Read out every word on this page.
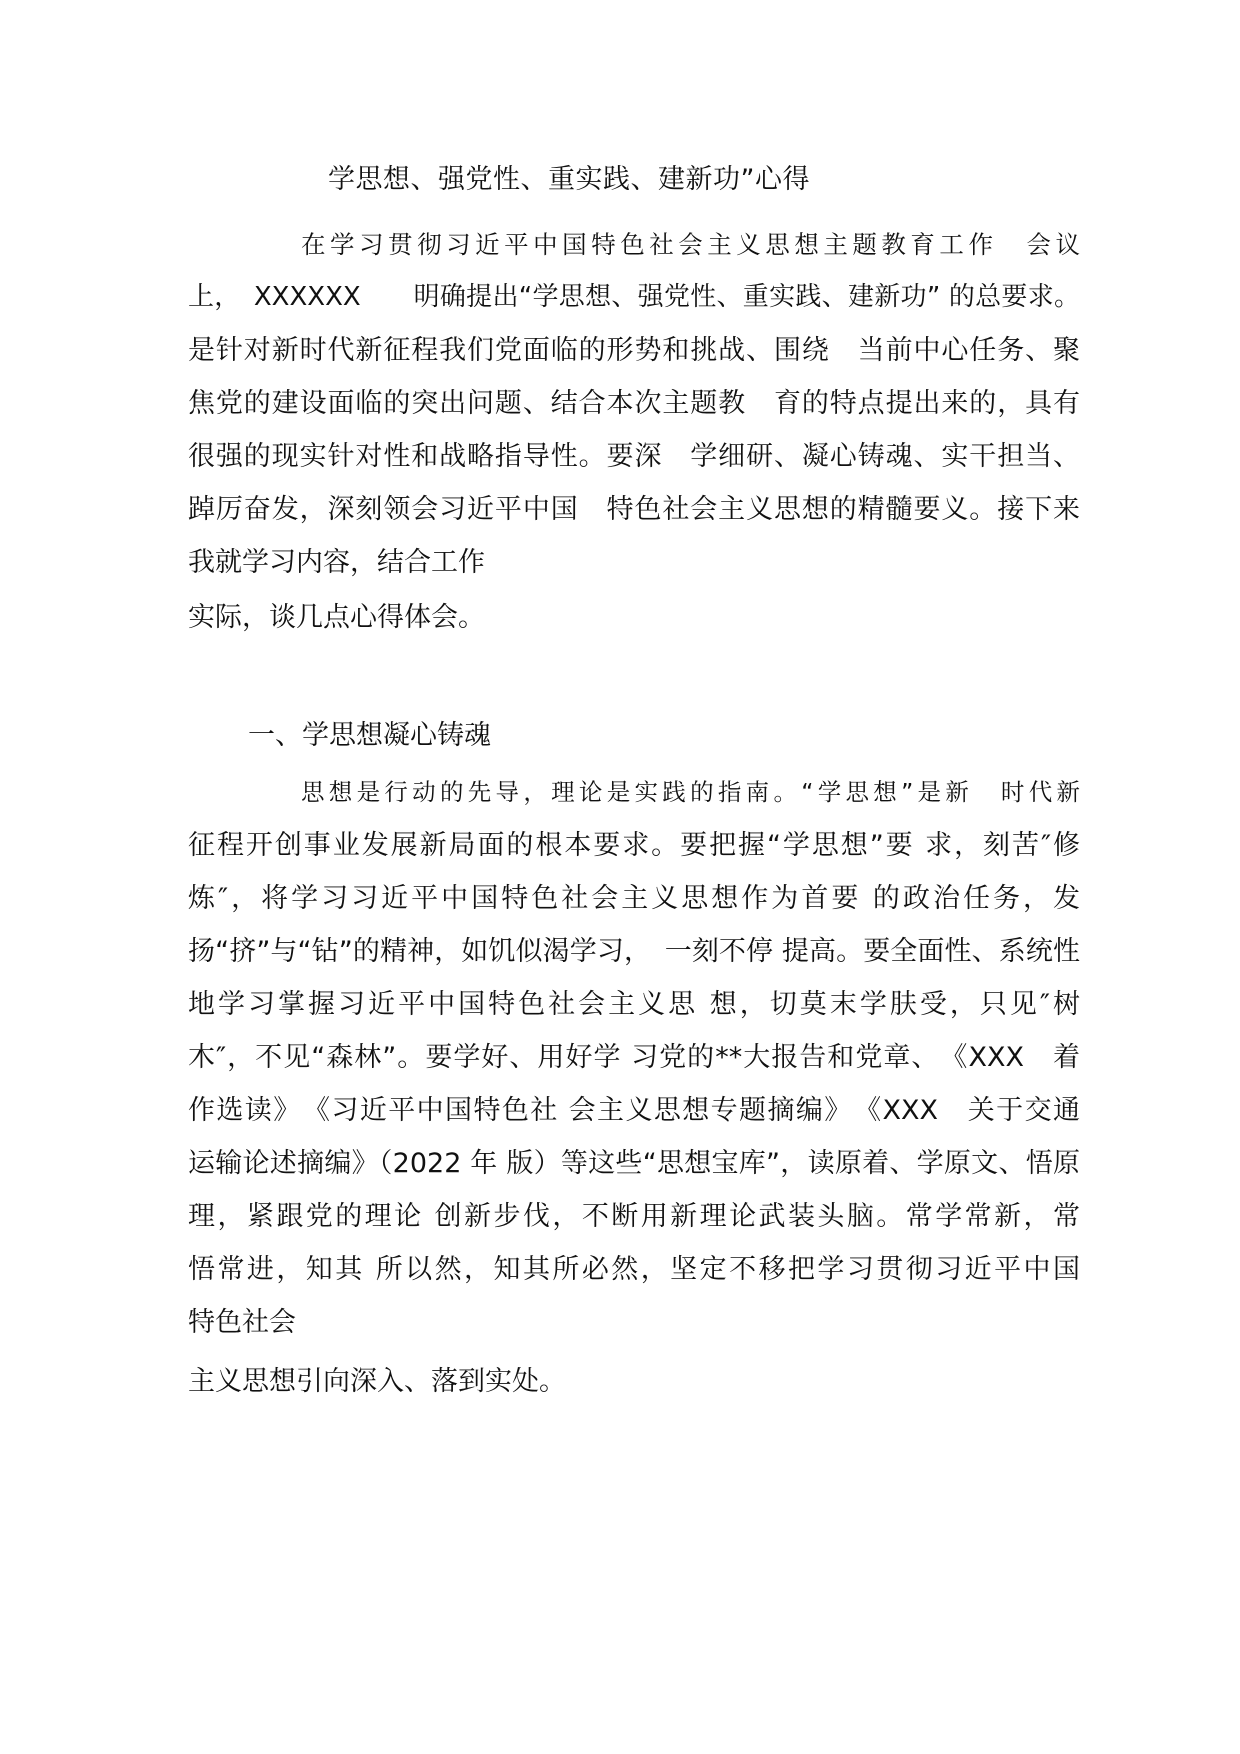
学思想、强党性、重实践、建新功”心得
在学习贯彻习近平中国特色社会主义思想主题教育工作　会议
上，　XXXXXX　　明确提出“学思想、强党性、重实践、建新功” 的总要求。
是针对新时代新征程我们党面临的形势和挑战、围绕　当前中心任务、聚
焦党的建设面临的突出问题、结合本次主题教　育的特点提出来的，具有
很强的现实针对性和战略指导性。要深　学细研、凝心铸魂、实干担当、
踔厉奋发，深刻领会习近平中国　特色社会主义思想的精髓要义。接下来
我就学习内容，结合工作
实际，谈几点心得体会。
一、学思想凝心铸魂
思想是行动的先导，理论是实践的指南。“学思想”是新　时代新
征程开创事业发展新局面的根本要求。要把握“学思想”要 求，刻苦″修
炼″，将学习习近平中国特色社会主义思想作为首要 的政治任务，发
扬“挤”与“钻”的精神，如饥似渴学习，　一刻不停 提高。要全面性、系统性
地学习掌握习近平中国特色社会主义思 想，切莫末学肤受，只见″树
木″，不见“森林”。要学好、用好学 习党的**大报告和党章、　《XXX　着
作选读》　《习近平中国特色社 会主义思想专题摘编》　《XXX　关于交通
运输论述摘编》（2022 年 版）等这些“思想宝库”，读原着、学原文、悟原
理，紧跟党的理论 创新步伐，不断用新理论武装头脑。常学常新，常
悟常进，知其 所以然，知其所必然，坚定不移把学习贯彻习近平中国
特色社会
主义思想引向深入、落到实处。
